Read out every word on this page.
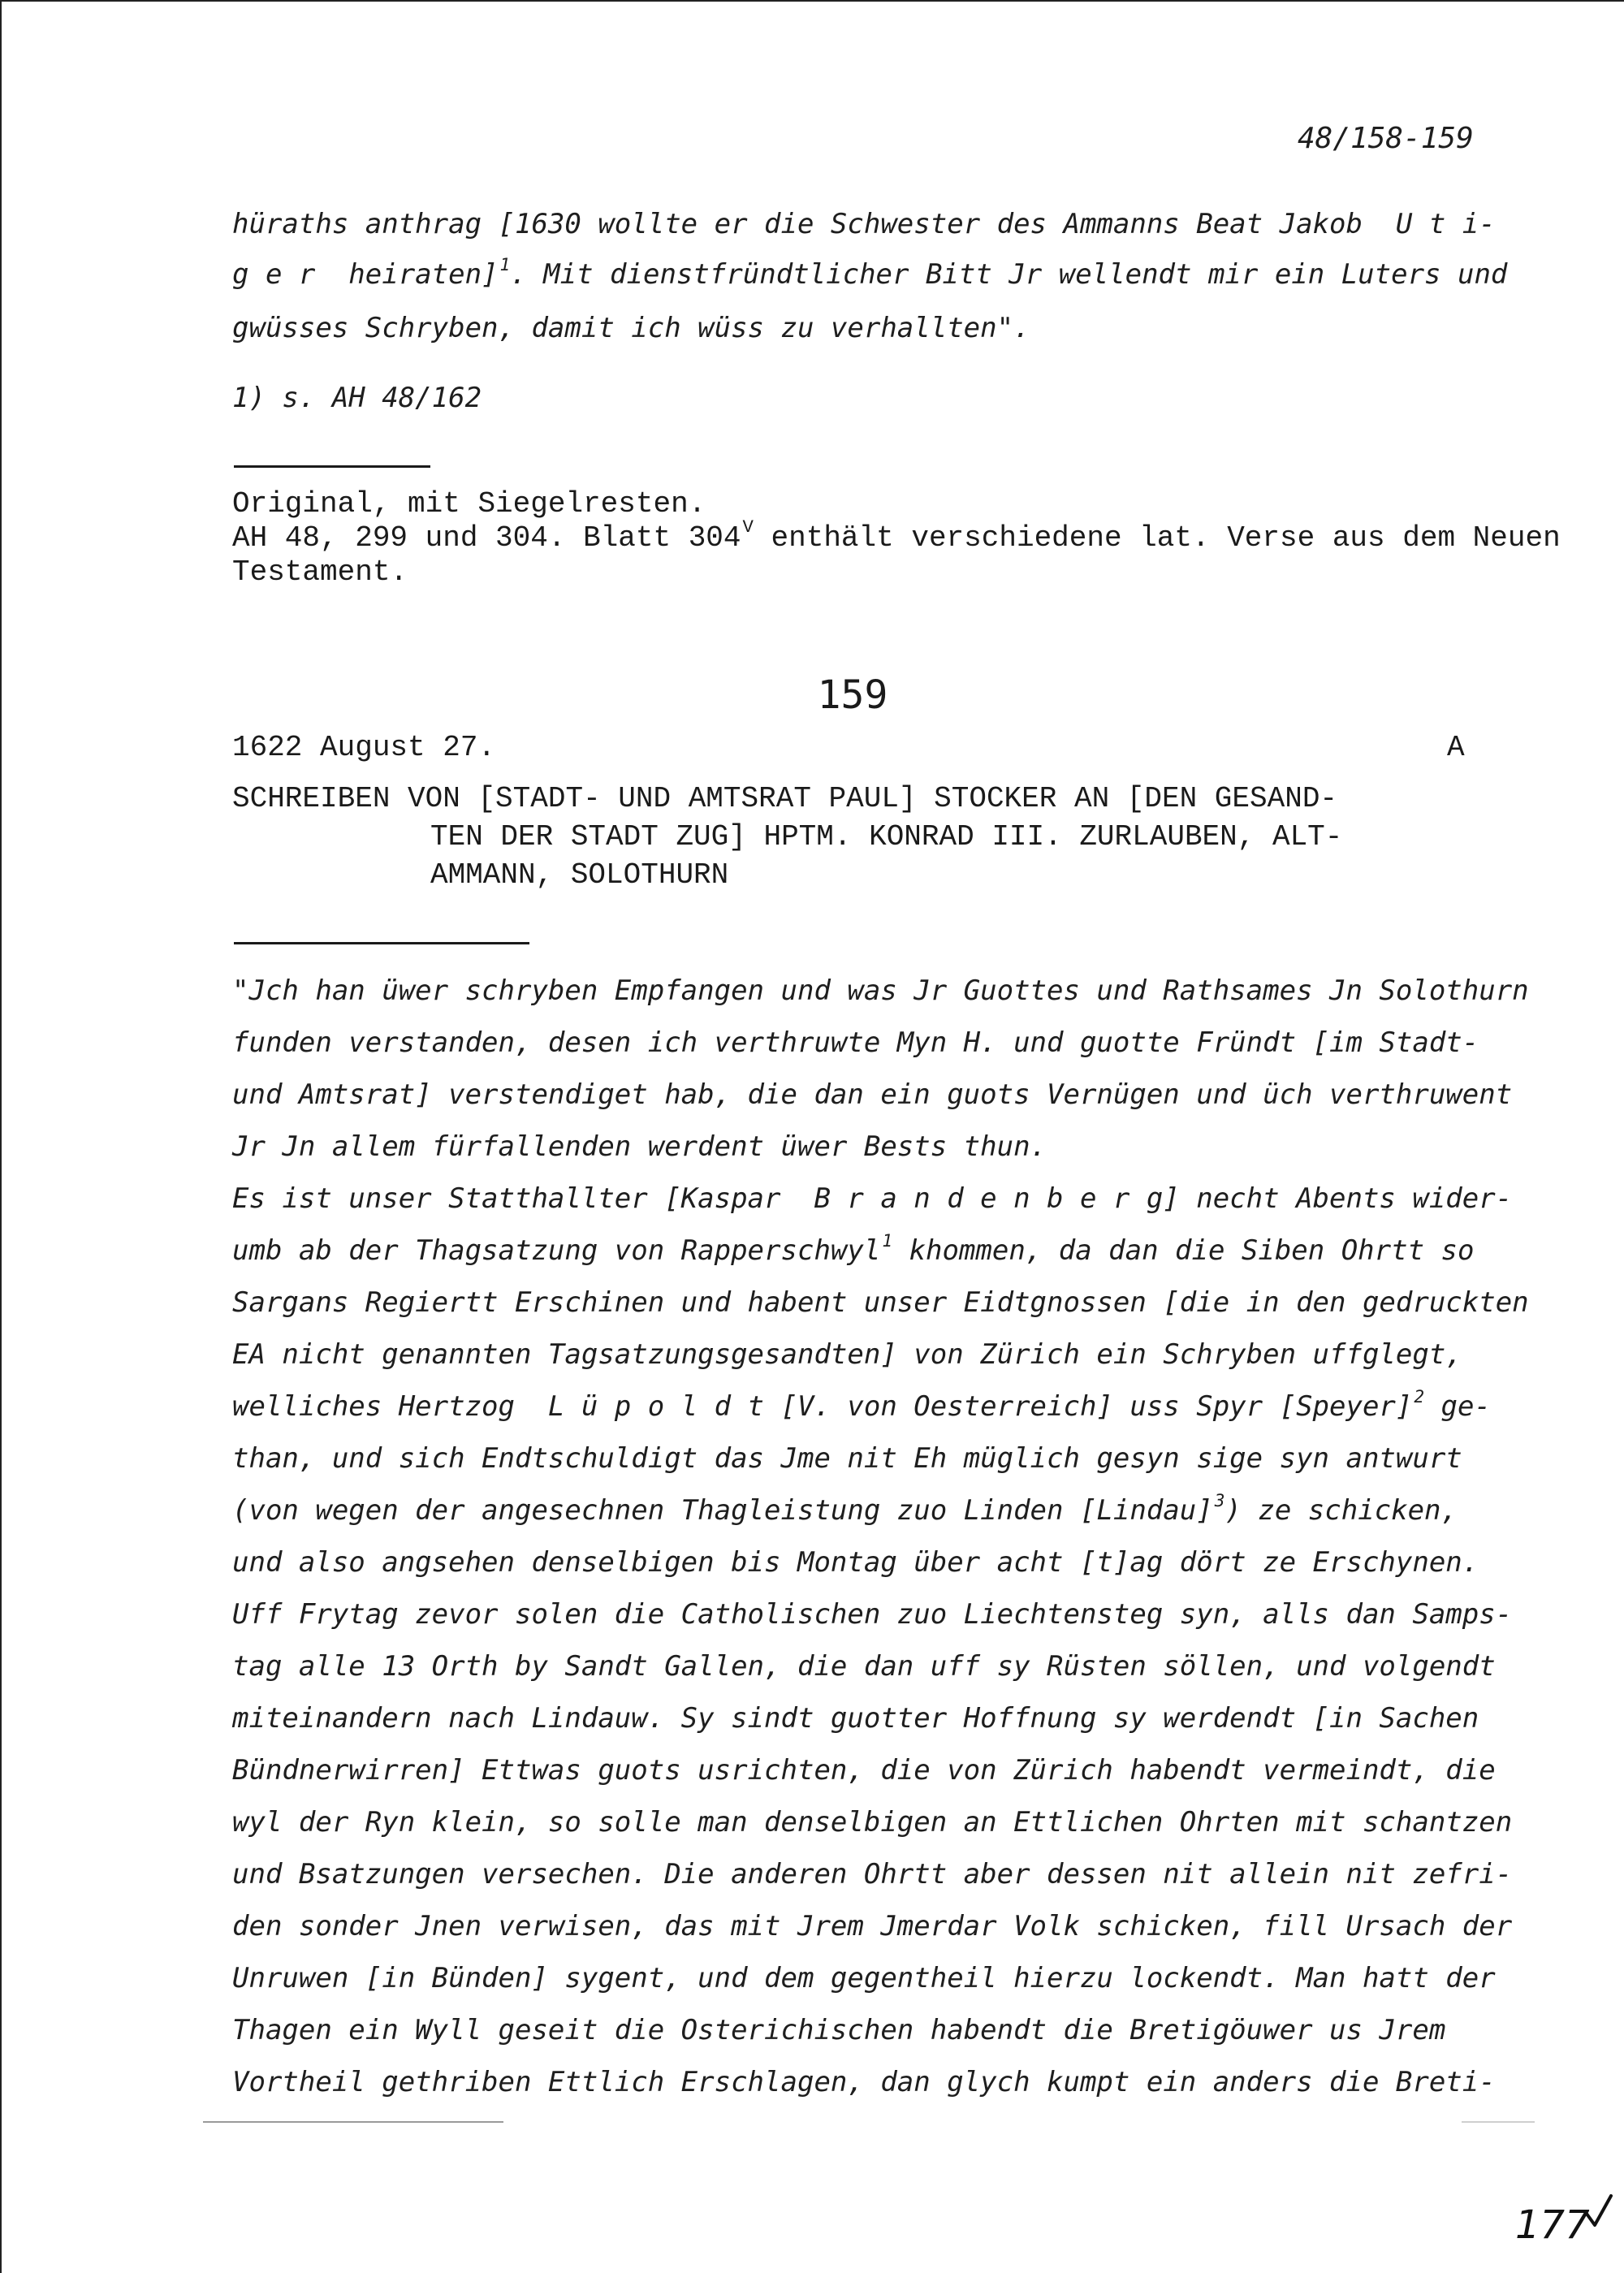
48/158-159
hüraths anthrag [1630 wollte er die Schwester des Ammanns Beat Jakob  U t i-
g e r  heiraten]$^1$. Mit dienstfründtlicher Bitt Jr wellendt mir ein Luters und
gwüsses Schryben, damit ich wüss zu verhallten".
1) s. AH 48/162
Original, mit Siegelresten.
AH 48, 299 und 304. Blatt $304^V$ enthält verschiedene lat. Verse aus dem Neuen
Testament.
159
1622 August 27.	A
SCHREIBEN VON [STADT- UND AMTSRAT PAUL] STOCKER AN [DEN GESAND-
TEN DER STADT ZUG] HPTM. KONRAD III. ZURLAUBEN, ALT-
AMMANN, SOLOTHURN
"Jch han üwer schryben Empfangen und was Jr Guottes und Rathsames Jn Solothurn
funden verstanden, desen ich verthruwte Myn H. und guotte Fründt [im Stadt-
und Amtsrat] verstendiget hab, die dan ein guots Vernügen und üch verthruwent
Jr Jn allem fürfallenden werdent üwer Bests thun.
Es ist unser Statthallter [Kaspar  B r a n d e n b e r g] necht Abents wider-
umb ab der Thagsatzung von Rapperschwyl$^1$ khommen, da dan die Siben Ohrtt so
Sargans Regiertt Erschinen und habent unser Eidtgnossen [die in den gedruckten
EA nicht genannten Tagsatzungsgesandten] von Zürich ein Schryben uffglegt,
welliches Hertzog  L ü p o l d t [V. von Oesterreich] uss Spyr [Speyer]$^2$ ge-
than, und sich Endtschuldigt das Jme nit Eh müglich gesyn sige syn antwurt
(von wegen der angesechnen Thagleistung zuo Linden [Lindau]$^3$) ze schicken,
und also angsehen denselbigen bis Montag über acht [t]ag dört ze Erschynen.
Uff Frytag zevor solen die Catholischen zuo Liechtensteg syn, alls dan Samps-
tag alle 13 Orth by Sandt Gallen, die dan uff sy Rüsten söllen, und volgendt
miteinandern nach Lindauw. Sy sindt guotter Hoffnung sy werdendt [in Sachen
Bündnerwirren] Ettwas guots usrichten, die von Zürich habendt vermeindt, die
wyl der Ryn klein, so solle man denselbigen an Ettlichen Ohrten mit schantzen
und Bsatzungen versechen. Die anderen Ohrtt aber dessen nit allein nit zefri-
den sonder Jnen verwisen, das mit Jrem Jmerdar Volk schicken, fill Ursach der
Unruwen [in Bünden] sygent, und dem gegentheil hierzu lockendt. Man hatt der
Thagen ein Wyll geseit die Osterichischen habendt die Bretigöuwer us Jrem
Vortheil gethriben Ettlich Erschlagen, dan glych kumpt ein anders die Breti-
177
